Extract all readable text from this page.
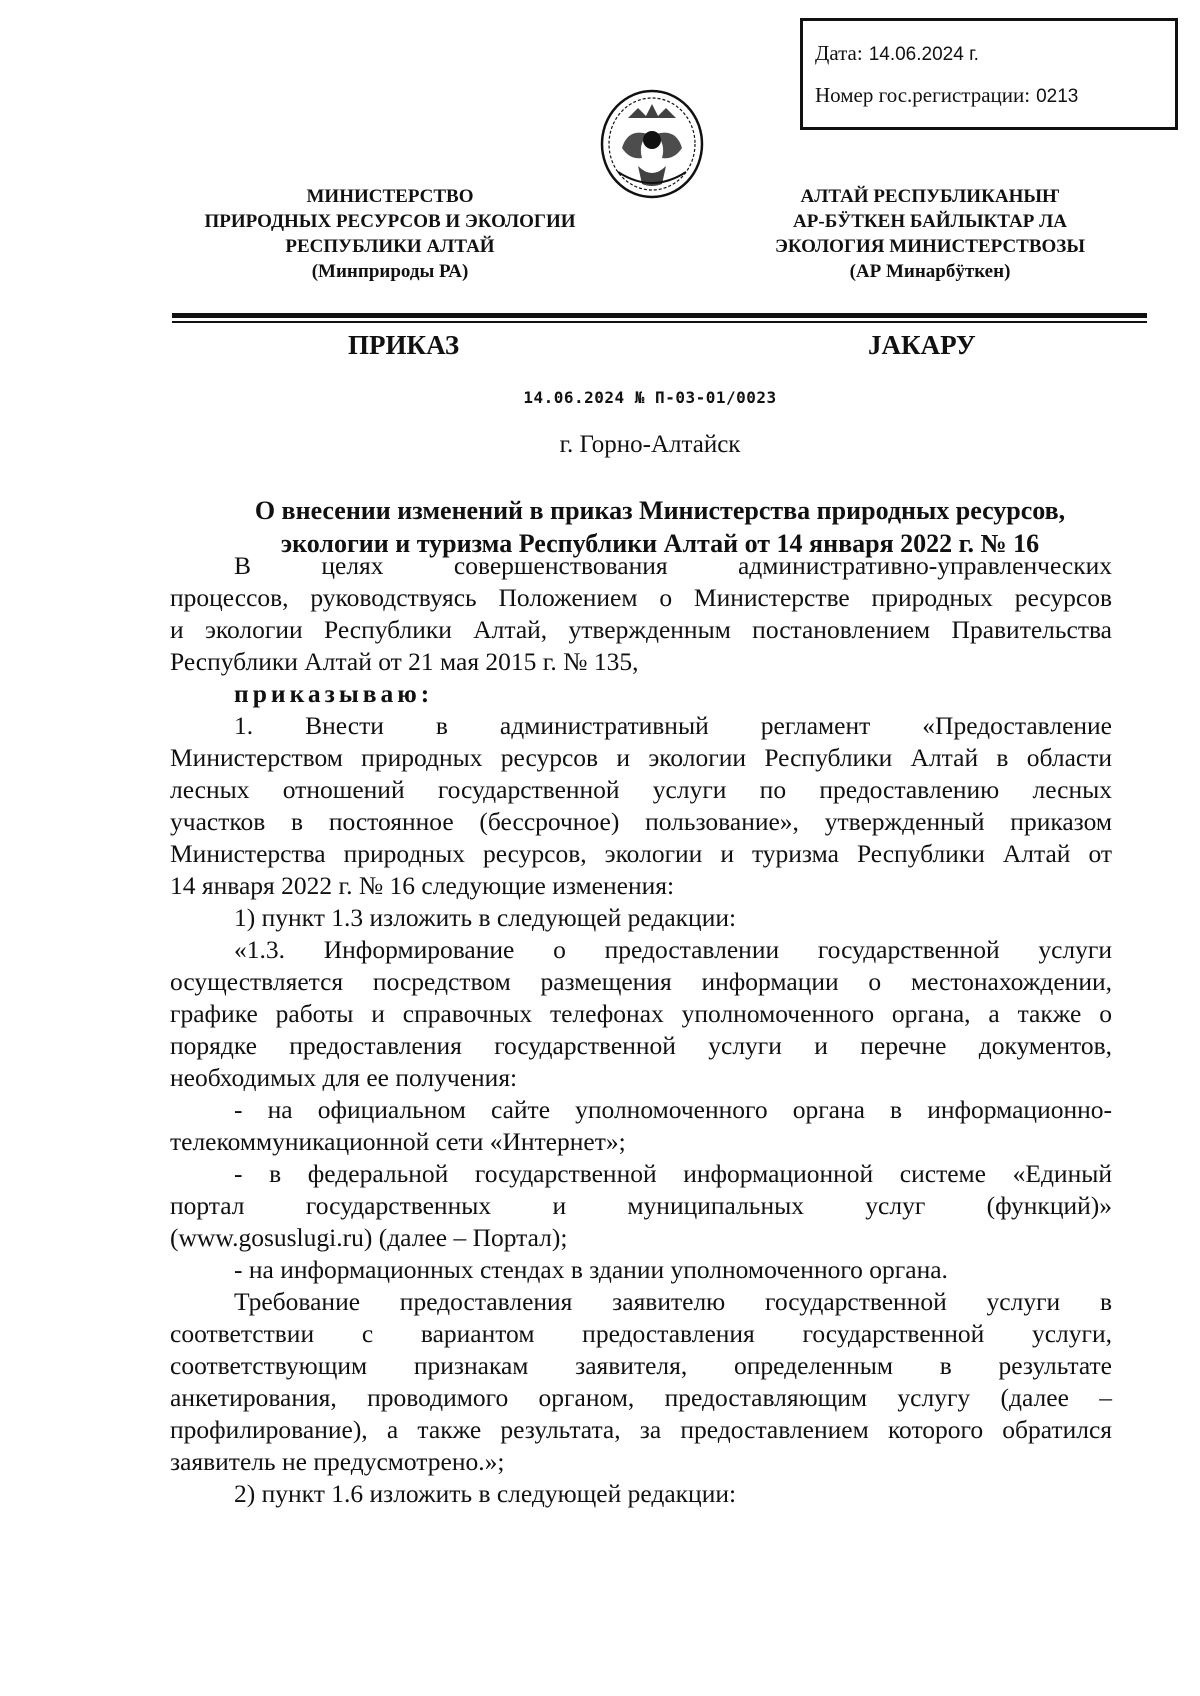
Дата: 14.06.2024 г.
Номер гос.регистрации: 0213
МИНИСТЕРСТВО
ПРИРОДНЫХ РЕСУРСОВ И ЭКОЛОГИИ
РЕСПУБЛИКИ АЛТАЙ
(Минприроды РА)
АЛТАЙ РЕСПУБЛИКАНЫҤ
АР-БӰТКЕН БАЙЛЫКТАР ЛА
ЭКОЛОГИЯ МИНИСТЕРСТВОЗЫ
(АР Минарбӱткен)
ПРИКАЗ	ЈАКАРУ
14.06.2024 № П-03-01/0023
г. Горно-Алтайск
О внесении изменений в приказ Министерства природных ресурсов,
экологии и туризма Республики Алтай от 14 января 2022 г. № 16
В целях совершенствования административно-управленческих
процессов, руководствуясь Положением о Министерстве природных ресурсов
и экологии Республики Алтай, утвержденным постановлением Правительства
Республики Алтай от 21 мая 2015 г. № 135,
приказываю:
1. Внести в административный регламент «Предоставление
Министерством природных ресурсов и экологии Республики Алтай в области
лесных отношений государственной услуги по предоставлению лесных
участков в постоянное (бессрочное) пользование», утвержденный приказом
Министерства природных ресурсов, экологии и туризма Республики Алтай от
14 января 2022 г. № 16 следующие изменения:
1) пункт 1.3 изложить в следующей редакции:
«1.3. Информирование о предоставлении государственной услуги
осуществляется посредством размещения информации о местонахождении,
графике работы и справочных телефонах уполномоченного органа, а также о
порядке предоставления государственной услуги и перечне документов,
необходимых для ее получения:
- на официальном сайте уполномоченного органа в информационно-
телекоммуникационной сети «Интернет»;
- в федеральной государственной информационной системе «Единый
портал государственных и муниципальных услуг (функций)»
(www.gosuslugi.ru) (далее – Портал);
- на информационных стендах в здании уполномоченного органа.
Требование предоставления заявителю государственной услуги в
соответствии с вариантом предоставления государственной услуги,
соответствующим признакам заявителя, определенным в результате
анкетирования, проводимого органом, предоставляющим услугу (далее –
профилирование), а также результата, за предоставлением которого обратился
заявитель не предусмотрено.»;
2) пункт 1.6 изложить в следующей редакции:
